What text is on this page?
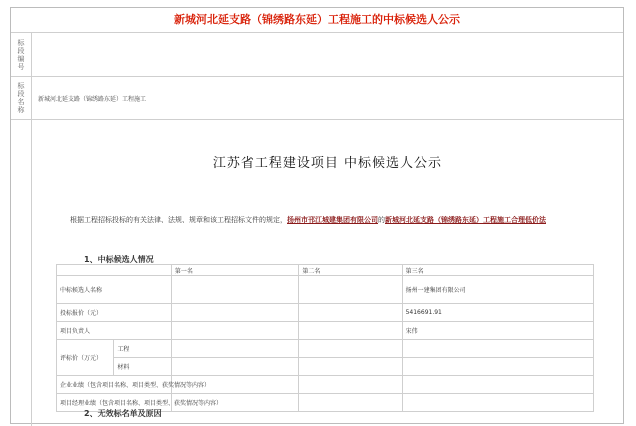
新城河北延支路（锦绣路东延）工程施工的中标候选人公示
标段编号
标段名称	新城河北延支路（锦绣路东延）工程施工
江苏省工程建设项目 中标候选人公示
根据工程招标投标的有关法律、法规、规章和该工程招标文件的规定，扬州市邗江城建集团有限公司的新城河北延支路（锦绣路东延）工程施工合理低价法
1、中标候选人情况
		第一名	第二名	第三名
中标候选人名称				扬州一建集团有限公司
投标报价（元）				5416691.91
项目负责人				宋伟
评标价（万元）	工程			
	材料			
企业业绩（包含项目名称、项目类型、获奖情况等内容）				
项目经理业绩（包含项目名称、项目类型、获奖情况等内容）				
2、无效标名单及原因
